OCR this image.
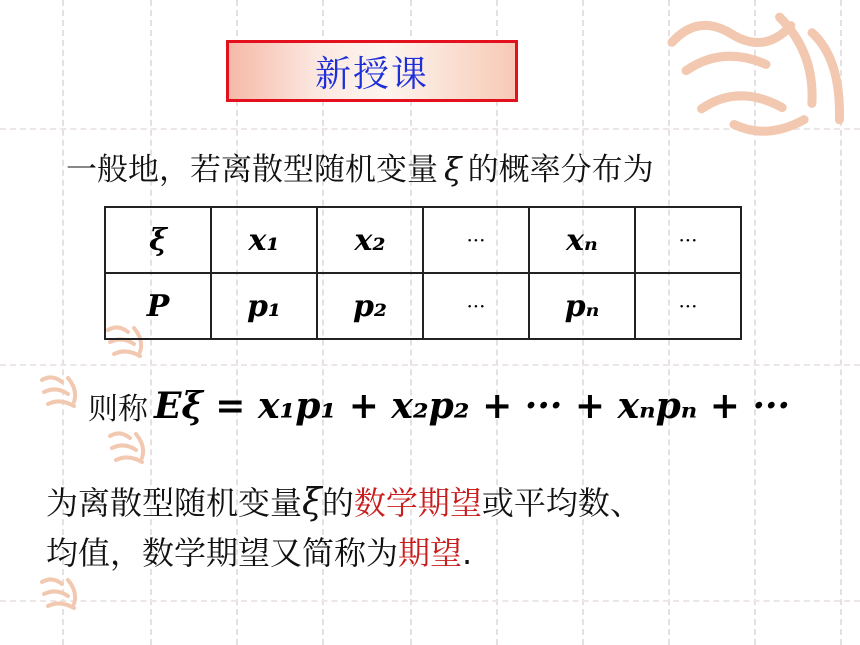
新授课
一般地，若离散型随机变量 ξ 的概率分布为
ξ	x₁	x₂	···	xₙ	···
P	p₁	p₂	···	pₙ	···
则称 Eξ = x₁p₁ + x₂p₂ + ··· + xₙpₙ + ···
为离散型随机变量ξ的数学期望或平均数、
均值，数学期望又简称为期望.
